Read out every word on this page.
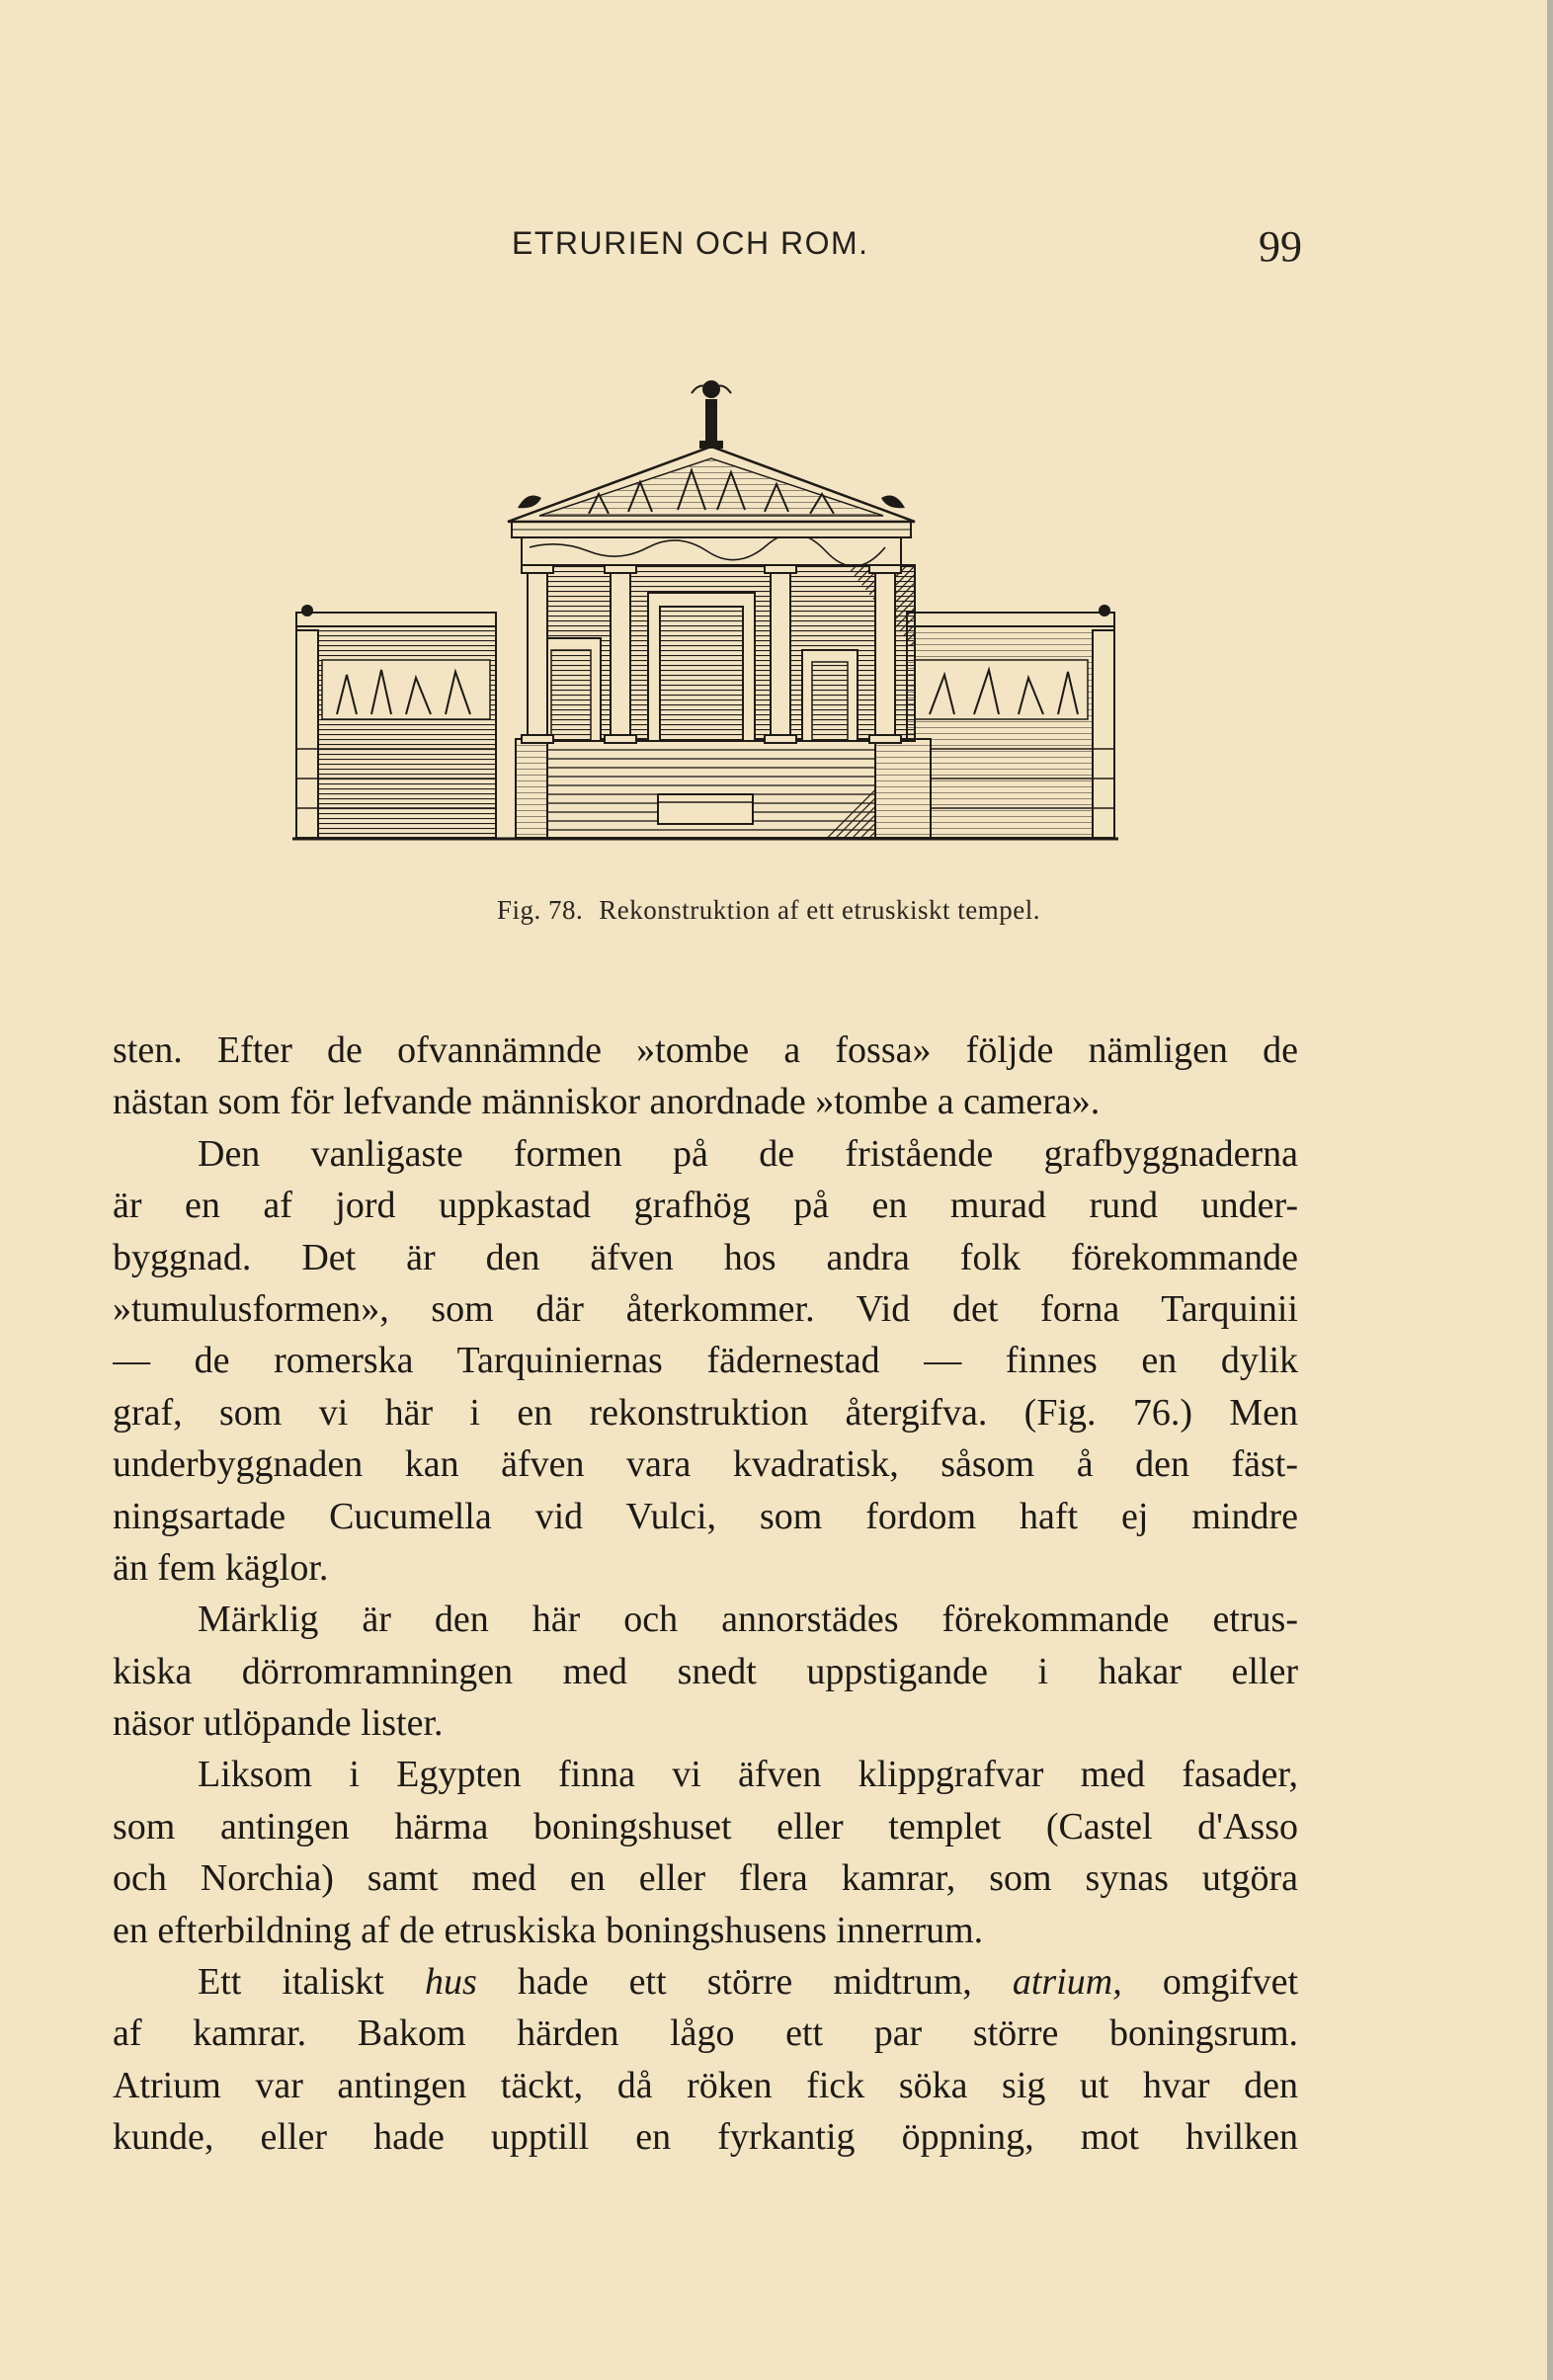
ETRURIEN OCH ROM.	99
Fig. 78. Rekonstruktion af ett etruskiskt tempel.
sten. Efter de ofvannämnde »tombe a fossa» följde nämligen de
nästan som för lefvande människor anordnade »tombe a camera».
Den vanligaste formen på de fristående grafbyggnaderna
är en af jord uppkastad grafhög på en murad rund under-
byggnad. Det är den äfven hos andra folk förekommande
»tumulusformen», som där återkommer. Vid det forna Tarquinii
— de romerska Tarquiniernas fädernestad — finnes en dylik
graf, som vi här i en rekonstruktion återgifva. (Fig. 76.) Men
underbyggnaden kan äfven vara kvadratisk, såsom å den fäst-
ningsartade Cucumella vid Vulci, som fordom haft ej mindre
än fem käglor.
Märklig är den här och annorstädes förekommande etrus-
kiska dörromramningen med snedt uppstigande i hakar eller
näsor utlöpande lister.
Liksom i Egypten finna vi äfven klippgrafvar med fasader,
som antingen härma boningshuset eller templet (Castel d'Asso
och Norchia) samt med en eller flera kamrar, som synas utgöra
en efterbildning af de etruskiska boningshusens innerrum.
Ett italiskt hus hade ett större midtrum, atrium, omgifvet
af kamrar. Bakom härden lågo ett par större boningsrum.
Atrium var antingen täckt, då röken fick söka sig ut hvar den
kunde, eller hade upptill en fyrkantig öppning, mot hvilken
